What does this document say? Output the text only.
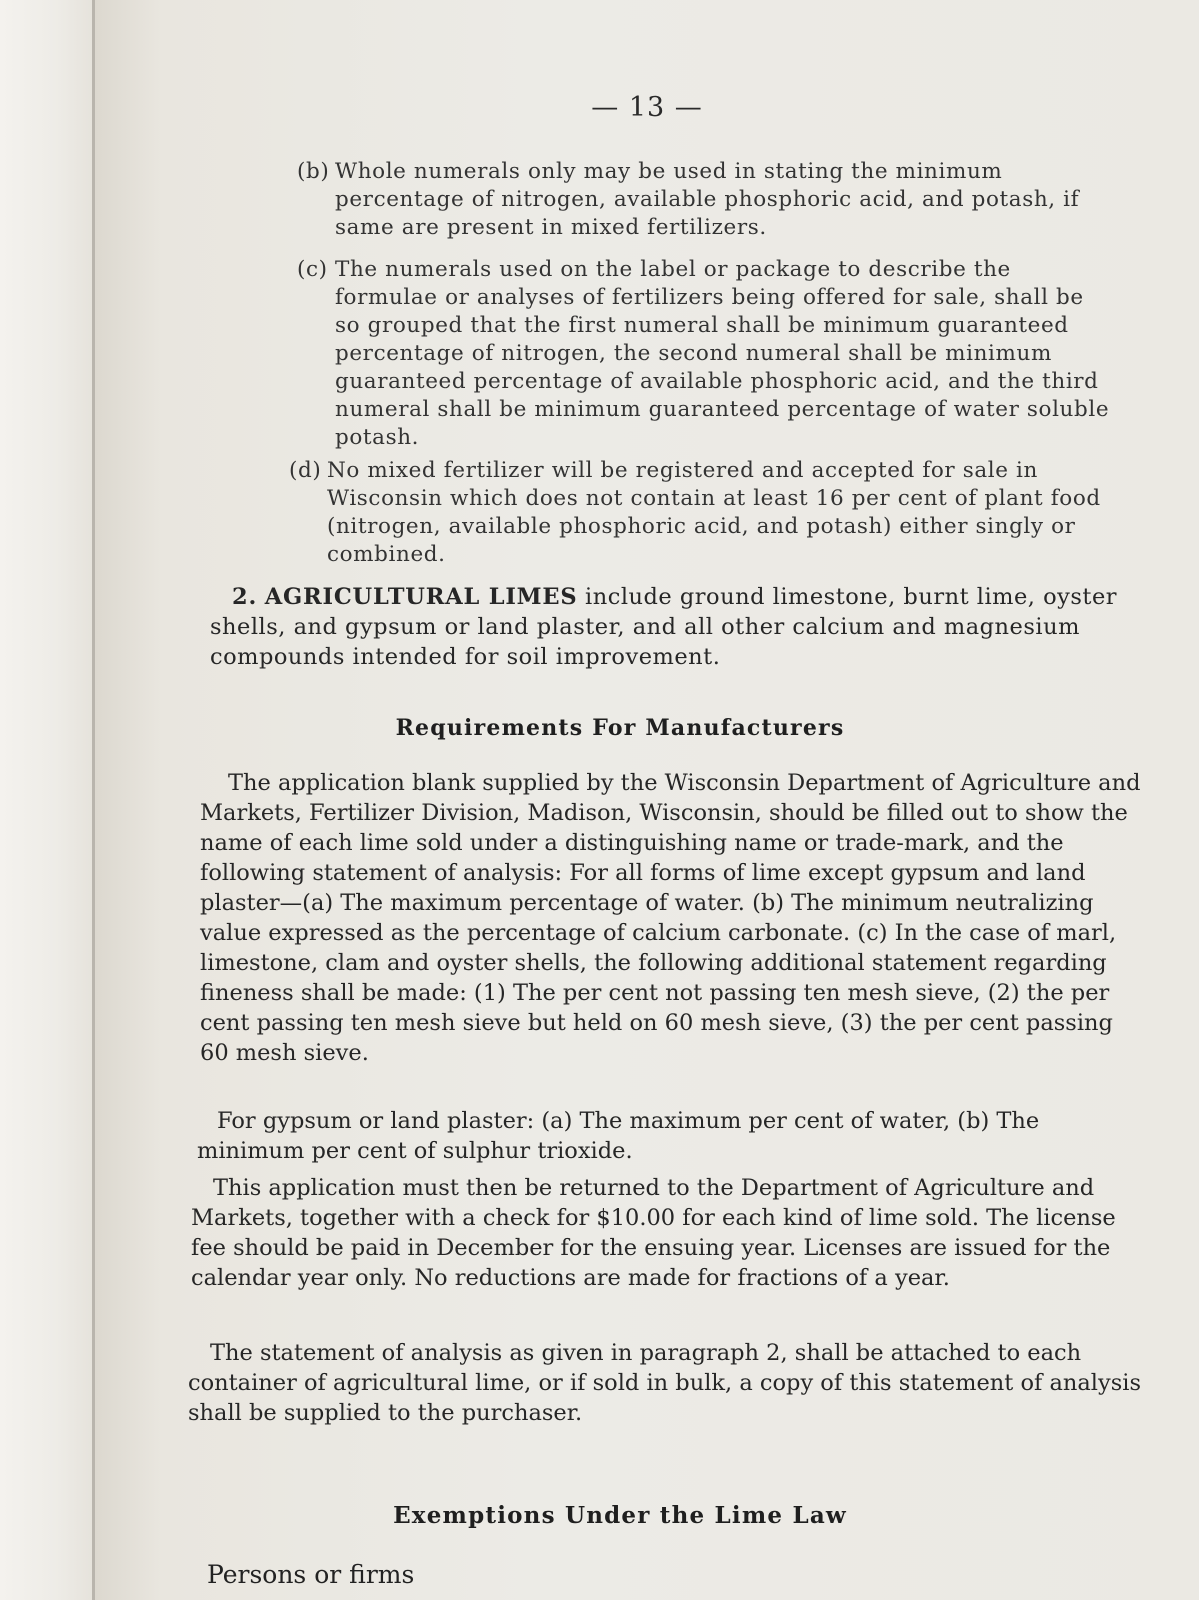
— 13 —
(b) Whole numerals only may be used in stating the minimum percentage of nitrogen, available phosphoric acid, and potash, if same are present in mixed fertilizers.
(c) The numerals used on the label or package to describe the formulae or analyses of fertilizers being offered for sale, shall be so grouped that the first numeral shall be minimum guaranteed percentage of nitrogen, the second numeral shall be minimum guaranteed percentage of available phosphoric acid, and the third numeral shall be minimum guaranteed percentage of water soluble potash.
(d) No mixed fertilizer will be registered and accepted for sale in Wisconsin which does not contain at least 16 per cent of plant food (nitrogen, available phosphoric acid, and potash) either singly or combined.
2. AGRICULTURAL LIMES include ground limestone, burnt lime, oyster shells, and gypsum or land plaster, and all other calcium and magnesium compounds intended for soil improvement.
Requirements For Manufacturers
The application blank supplied by the Wisconsin Department of Agriculture and Markets, Fertilizer Division, Madison, Wisconsin, should be filled out to show the name of each lime sold under a distinguishing name or trade-mark, and the following statement of analysis: For all forms of lime except gypsum and land plaster—(a) The maximum percentage of water. (b) The minimum neutralizing value expressed as the percentage of calcium carbonate. (c) In the case of marl, limestone, clam and oyster shells, the following additional statement regarding fineness shall be made: (1) The per cent not passing ten mesh sieve, (2) the per cent passing ten mesh sieve but held on 60 mesh sieve, (3) the per cent passing 60 mesh sieve.
For gypsum or land plaster: (a) The maximum per cent of water, (b) The minimum per cent of sulphur trioxide.
This application must then be returned to the Department of Agriculture and Markets, together with a check for $10.00 for each kind of lime sold. The license fee should be paid in December for the ensuing year. Licenses are issued for the calendar year only. No reductions are made for fractions of a year.
The statement of analysis as given in paragraph 2, shall be attached to each container of agricultural lime, or if sold in bulk, a copy of this statement of analysis shall be supplied to the purchaser.
Exemptions Under the Lime Law
Persons or firms
